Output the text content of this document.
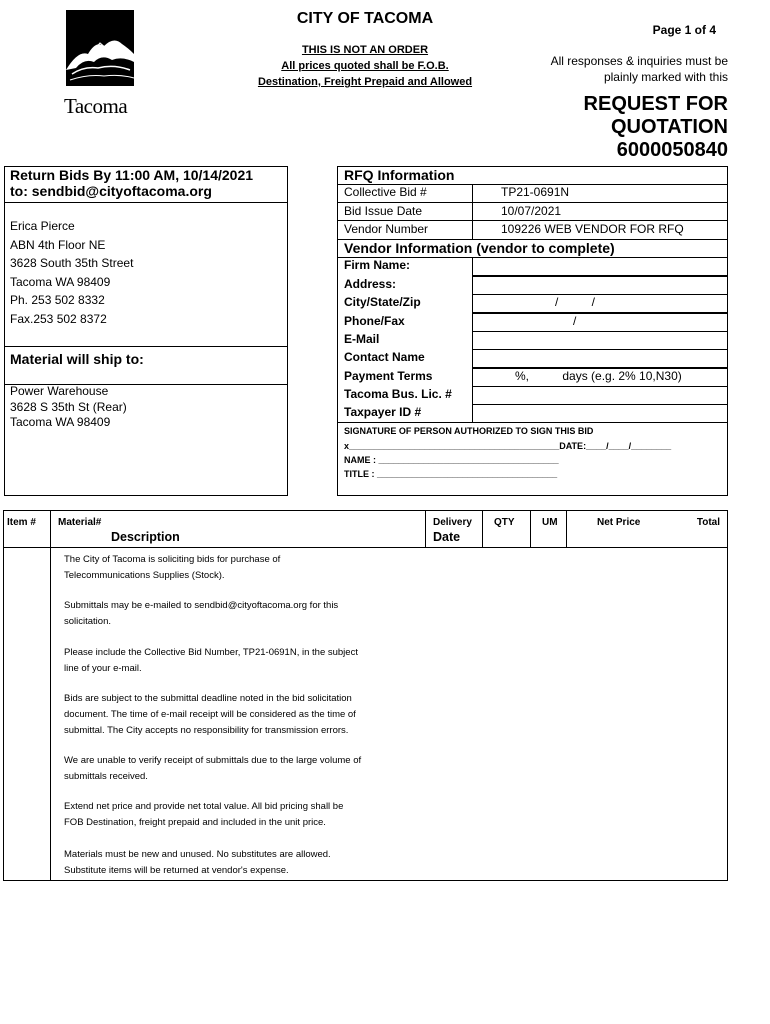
Tacoma
CITY OF TACOMA
THIS IS NOT AN ORDER
All prices quoted shall be F.O.B.
Destination, Freight Prepaid and Allowed
Page 1 of 4
All responses & inquiries must be
plainly marked with this
REQUEST FOR
QUOTATION
6000050840
Return Bids By 11:00 AM, 10/14/2021
to: sendbid@cityoftacoma.org
Erica Pierce
ABN 4th Floor NE
3628 South 35th Street
Tacoma WA 98409
Ph. 253 502 8332
Fax.253 502 8372
Material will ship to:
Power Warehouse
3628 S 35th St (Rear)
Tacoma WA 98409
RFQ Information
Collective Bid #	TP21-0691N
Bid Issue Date	10/07/2021
Vendor Number	109226 WEB VENDOR FOR RFQ
Vendor Information (vendor to complete)
Firm Name:
Address:
City/State/Zip	/          /
Phone/Fax	/
E-Mail
Contact Name
Payment Terms	%,          days (e.g. 2% 10,N30)
Tacoma Bus. Lic. #
Taxpayer ID #
SIGNATURE OF PERSON AUTHORIZED TO SIGN THIS BID
x__________________________________________DATE:____/____/________
NAME : ____________________________________
TITLE : ____________________________________
Item # Material#
Description
Delivery
Date
QTY	UM	Net Price	Total
The City of Tacoma is soliciting bids for purchase of
Telecommunications Supplies (Stock).
Submittals may be e-mailed to sendbid@cityoftacoma.org for this
solicitation.
Please include the Collective Bid Number, TP21-0691N, in the subject
line of your e-mail.
Bids are subject to the submittal deadline noted in the bid solicitation
document. The time of e-mail receipt will be considered as the time of
submittal. The City accepts no responsibility for transmission errors.
We are unable to verify receipt of submittals due to the large volume of
submittals received.
Extend net price and provide net total value. All bid pricing shall be
FOB Destination, freight prepaid and included in the unit price.
Materials must be new and unused. No substitutes are allowed.
Substitute items will be returned at vendor's expense.
